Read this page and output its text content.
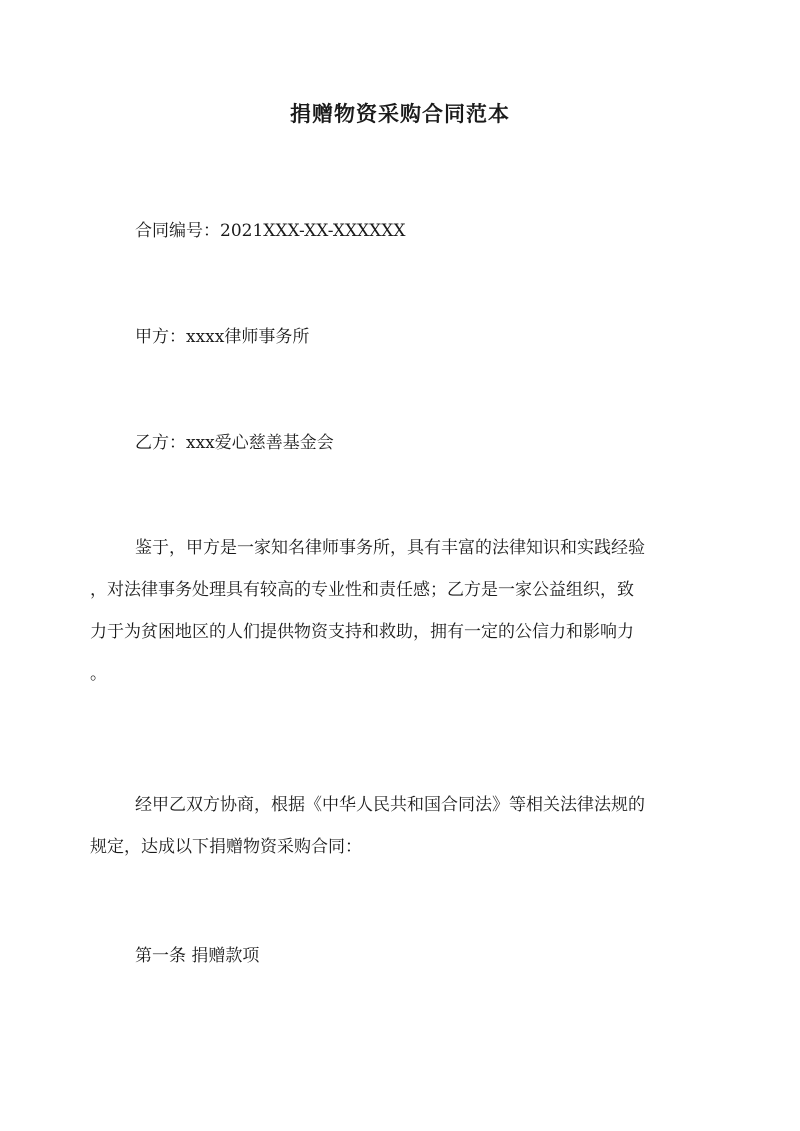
捐赠物资采购合同范本
合同编号：2021XXX-XX-XXXXXX
甲方：xxxx律师事务所
乙方：xxx爱心慈善基金会
鉴于，甲方是一家知名律师事务所，具有丰富的法律知识和实践经验
，对法律事务处理具有较高的专业性和责任感；乙方是一家公益组织，致
力于为贫困地区的人们提供物资支持和救助，拥有一定的公信力和影响力
。
经甲乙双方协商，根据《中华人民共和国合同法》等相关法律法规的
规定，达成以下捐赠物资采购合同：
第一条 捐赠款项
